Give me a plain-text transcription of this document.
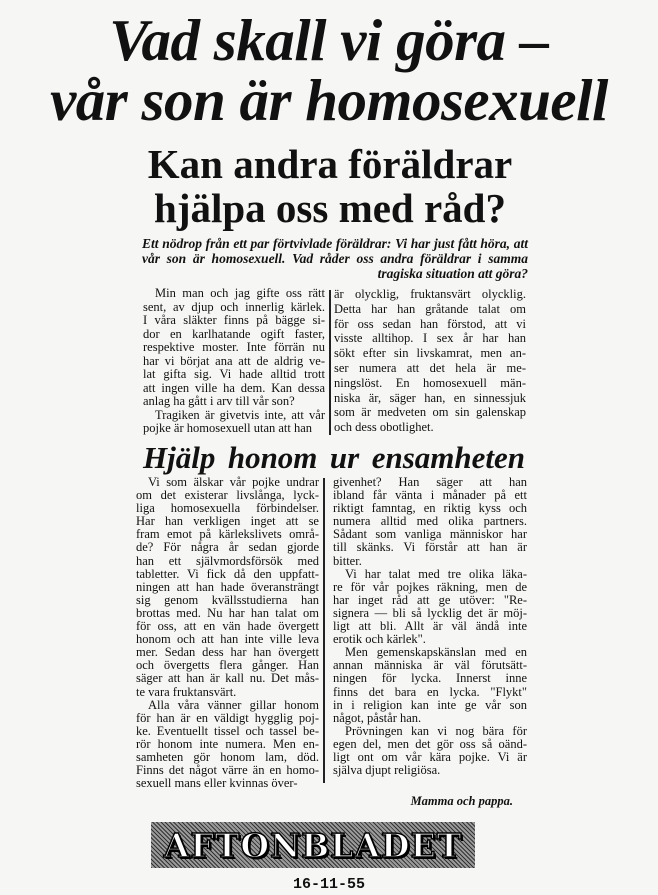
Vad skall vi göra –
vår son är homosexuell
Kan andra föräldrar
hjälpa oss med råd?
Ett nödrop från ett par förtvivlade föräldrar: Vi har just fått höra, att vår son är homosexuell. Vad råder oss andra föräldrar i samma tragiska situation att göra?
Min man och jag gifte oss rätt
sent, av djup och innerlig kärlek.
I våra släkter finns på bägge si-
dor en karlhatande ogift faster,
respektive moster. Inte förrän nu
har vi börjat ana att de aldrig ve-
lat gifta sig. Vi hade alltid trott
att ingen ville ha dem. Kan dessa
anlag ha gått i arv till vår son?
Tragiken är givetvis inte, att vår
pojke är homosexuell utan att han
är olycklig, fruktansvärt olycklig.
Detta har han gråtande talat om
för oss sedan han förstod, att vi
visste alltihop. I sex år har han
sökt efter sin livskamrat, men an-
ser numera att det hela är me-
ningslöst. En homosexuell män-
niska är, säger han, en sinnessjuk
som är medveten om sin galenskap
och dess obotlighet.
Hjälp honom ur ensamheten
Vi som älskar vår pojke undrar
om det existerar livslånga, lyck-
liga homosexuella förbindelser.
Har han verkligen inget att se
fram emot på kärlekslivets områ-
de? För några år sedan gjorde
han ett självmordsförsök med
tabletter. Vi fick då den uppfatt-
ningen att han hade överansträngt
sig genom kvällsstudierna han
brottas med. Nu har han talat om
för oss, att en vän hade övergett
honom och att han inte ville leva
mer. Sedan dess har han övergett
och övergetts flera gånger. Han
säger att han är kall nu. Det mås-
te vara fruktansvärt.
Alla våra vänner gillar honom
för han är en väldigt hygglig poj-
ke. Eventuellt tissel och tassel be-
rör honom inte numera. Men en-
samheten gör honom lam, död.
Finns det något värre än en homo-
sexuell mans eller kvinnas över-
givenhet? Han säger att han
ibland får vänta i månader på ett
riktigt famntag, en riktig kyss och
numera alltid med olika partners.
Sådant som vanliga människor har
till skänks. Vi förstår att han är
bitter.
Vi har talat med tre olika läka-
re för vår pojkes räkning, men de
har inget råd att ge utöver: "Re-
signera — bli så lycklig det är möj-
ligt att bli. Allt är väl ändå inte
erotik och kärlek".
Men gemenskapskänslan med en
annan människa är väl förutsätt-
ningen för lycka. Innerst inne
finns det bara en lycka. "Flykt"
in i religion kan inte ge vår son
något, påstår han.
Prövningen kan vi nog bära för
egen del, men det gör oss så oänd-
ligt ont om vår kära pojke. Vi är
själva djupt religiösa.
Mamma och pappa.
AFTONBLADET
16-11-55
